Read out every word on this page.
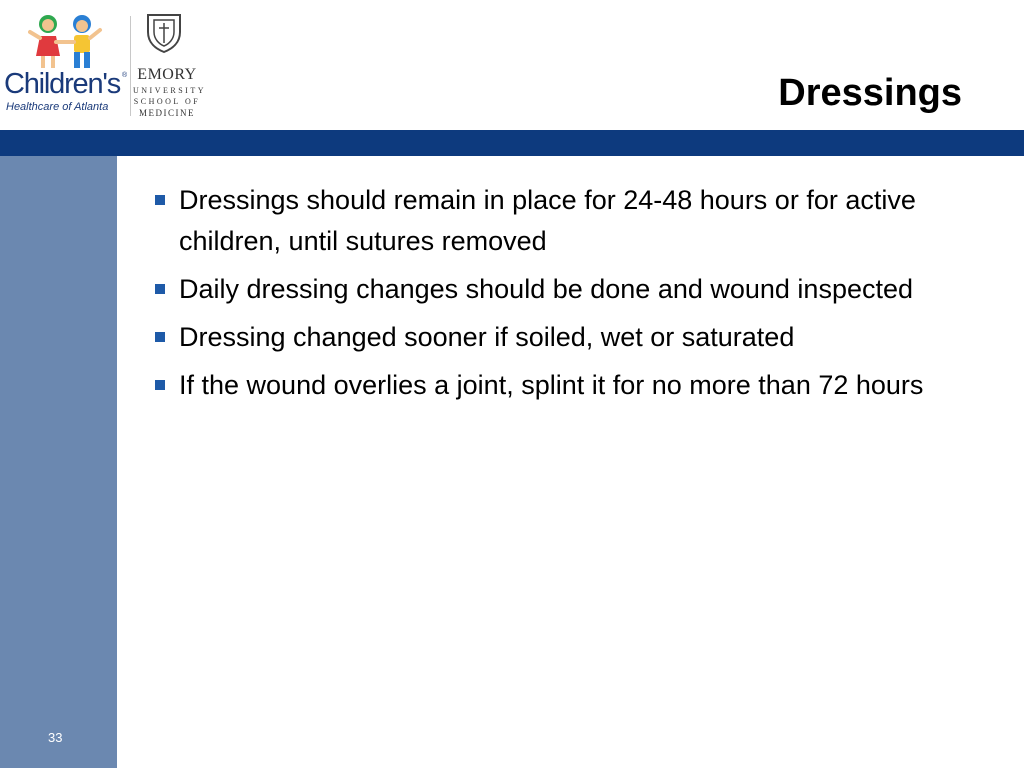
Children's ®
Healthcare of Atlanta
EMORY
UNIVERSITY
SCHOOL OF
MEDICINE	Dressings
33
Dressings should remain in place for 24-48 hours or for active children, until sutures removed
Daily dressing changes should be done and wound inspected
Dressing changed sooner if soiled, wet or saturated
If the wound overlies a joint, splint it for no more than 72 hours
